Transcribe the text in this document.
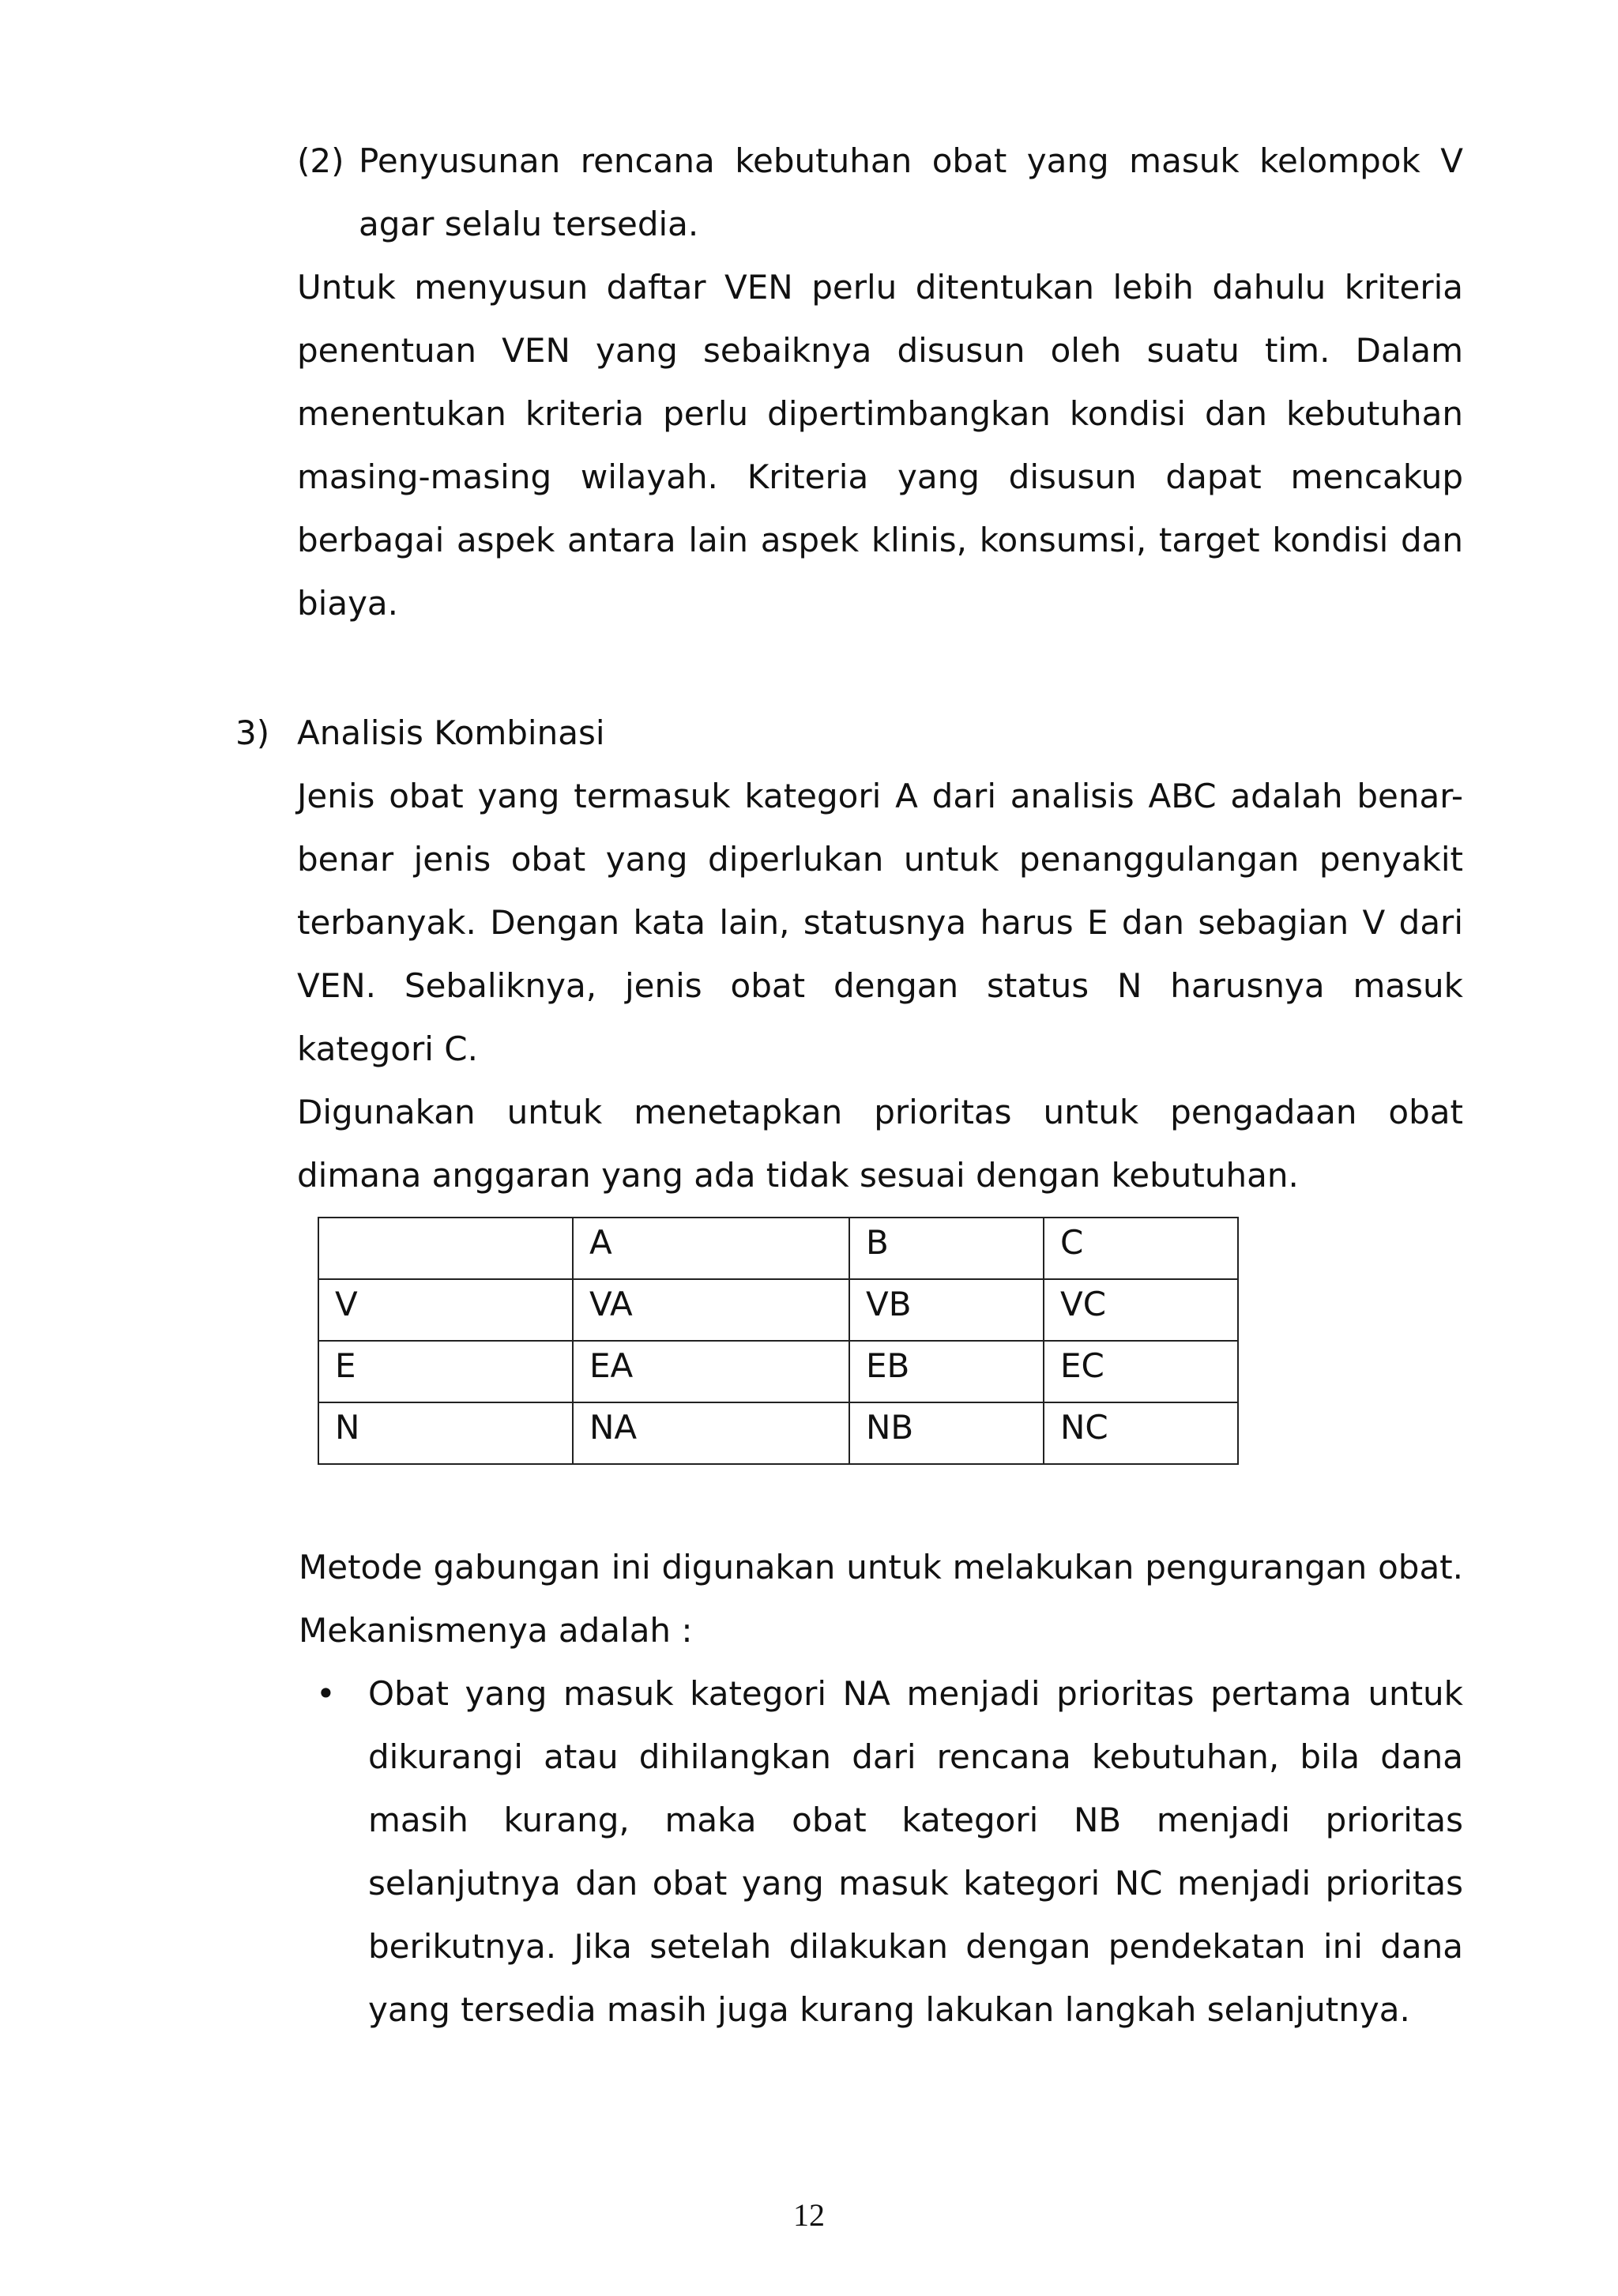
(2) Penyusunan rencana kebutuhan obat yang masuk kelompok V agar selalu tersedia.

Untuk menyusun daftar VEN perlu ditentukan lebih dahulu kriteria penentuan VEN yang sebaiknya disusun oleh suatu tim. Dalam menentukan kriteria perlu dipertimbangkan kondisi dan kebutuhan masing-masing wilayah. Kriteria yang disusun dapat mencakup berbagai aspek antara lain aspek klinis, konsumsi, target kondisi dan biaya.

3) Analisis Kombinasi

Jenis obat yang termasuk kategori A dari analisis ABC adalah benar-benar jenis obat yang diperlukan untuk penanggulangan penyakit terbanyak. Dengan kata lain, statusnya harus E dan sebagian V dari VEN. Sebaliknya, jenis obat dengan status N harusnya masuk kategori C.

Digunakan untuk menetapkan prioritas untuk pengadaan obat dimana anggaran yang ada tidak sesuai dengan kebutuhan.

	A	B	C
V	VA	VB	VC
E	EA	EB	EC
N	NA	NB	NC

Metode gabungan ini digunakan untuk melakukan pengurangan obat. Mekanismenya adalah :

• Obat yang masuk kategori NA menjadi prioritas pertama untuk dikurangi atau dihilangkan dari rencana kebutuhan, bila dana masih kurang, maka obat kategori NB menjadi prioritas selanjutnya dan obat yang masuk kategori NC menjadi prioritas berikutnya. Jika setelah dilakukan dengan pendekatan ini dana yang tersedia masih juga kurang lakukan langkah selanjutnya.
12
